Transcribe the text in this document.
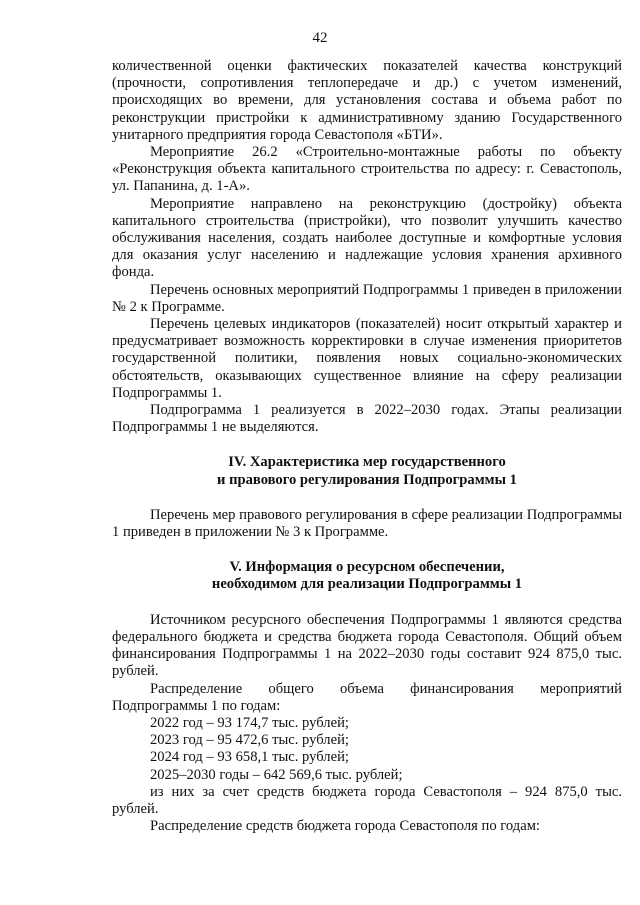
42

количественной оценки фактических показателей качества конструкций (прочности, сопротивления теплопередаче и др.) с учетом изменений, происходящих во времени, для установления состава и объема работ по реконструкции пристройки к административному зданию Государственного унитарного предприятия города Севастополя «БТИ».

Мероприятие 26.2 «Строительно-монтажные работы по объекту «Реконструкция объекта капитального строительства по адресу: г. Севастополь, ул. Папанина, д. 1-А».

Мероприятие направлено на реконструкцию (достройку) объекта капитального строительства (пристройки), что позволит улучшить качество обслуживания населения, создать наиболее доступные и комфортные условия для оказания услуг населению и надлежащие условия хранения архивного фонда.

Перечень основных мероприятий Подпрограммы 1 приведен в приложении № 2 к Программе.

Перечень целевых индикаторов (показателей) носит открытый характер и предусматривает возможность корректировки в случае изменения приоритетов государственной политики, появления новых социально-экономических обстоятельств, оказывающих существенное влияние на сферу реализации Подпрограммы 1.

Подпрограмма 1 реализуется в 2022–2030 годах. Этапы реализации Подпрограммы 1 не выделяются.

IV. Характеристика мер государственного

и правового регулирования Подпрограммы 1

Перечень мер правового регулирования в сфере реализации Подпрограммы 1 приведен в приложении № 3 к Программе.

V. Информация о ресурсном обеспечении,

необходимом для реализации Подпрограммы 1

Источником ресурсного обеспечения Подпрограммы 1 являются средства федерального бюджета и средства бюджета города Севастополя. Общий объем финансирования Подпрограммы 1 на 2022–2030 годы составит 924 875,0 тыс. рублей.

Распределение общего объема финансирования мероприятий Подпрограммы 1 по годам:

2022 год – 93 174,7 тыс. рублей;

2023 год – 95 472,6 тыс. рублей;

2024 год – 93 658,1 тыс. рублей;

2025–2030 годы – 642 569,6 тыс. рублей;

из них за счет средств бюджета города Севастополя – 924 875,0 тыс. рублей.

Распределение средств бюджета города Севастополя по годам:
